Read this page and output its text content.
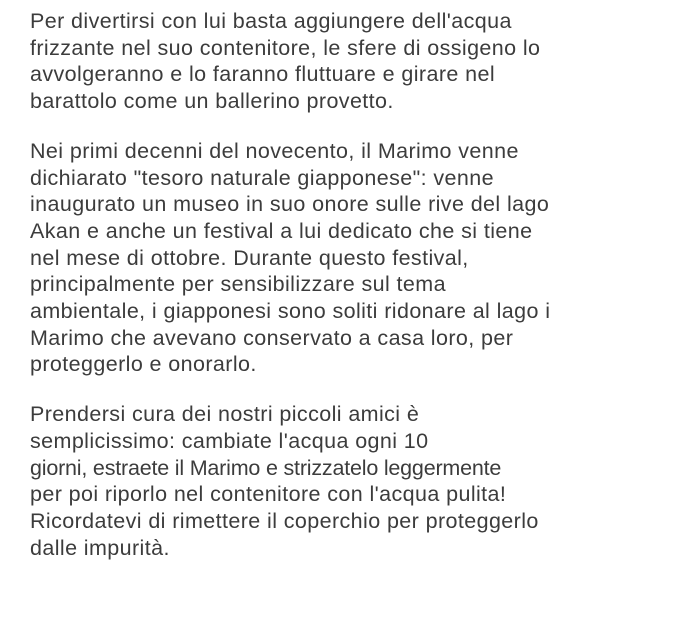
Per divertirsi con lui basta aggiungere dell'acqua
frizzante nel suo contenitore, le sfere di ossigeno lo
avvolgeranno e lo faranno fluttuare e girare nel
barattolo come un ballerino provetto.

Nei primi decenni del novecento, il Marimo venne
dichiarato "tesoro naturale giapponese": venne
inaugurato un museo in suo onore sulle rive del lago
Akan e anche un festival a lui dedicato che si tiene
nel mese di ottobre. Durante questo festival,
principalmente per sensibilizzare sul tema
ambientale, i giapponesi sono soliti ridonare al lago i
Marimo che avevano conservato a casa loro, per
proteggerlo e onorarlo.

Prendersi cura dei nostri piccoli amici è
semplicissimo: cambiate l'acqua ogni 10
giorni, estraete il Marimo e strizzatelo leggermente
per poi riporlo nel contenitore con l'acqua pulita!
Ricordatevi di rimettere il coperchio per proteggerlo
dalle impurità.
